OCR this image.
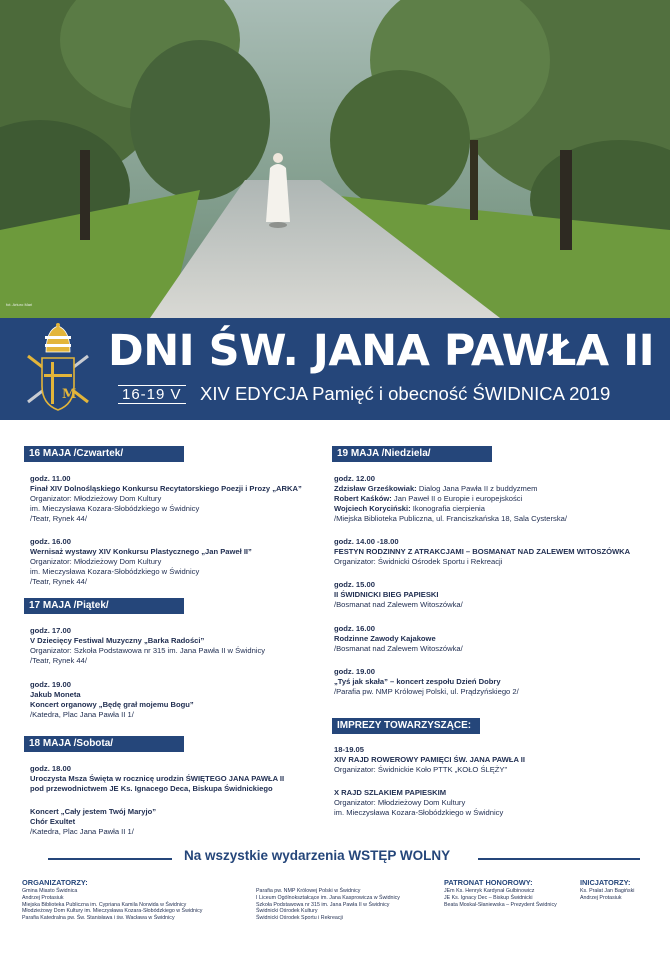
fot. Arturo Mari
M
DNI ŚW. JANA PAWŁA II
16-19 V XIV EDYCJA Pamięć i obecność ŚWIDNICA 2019
16 MAJA /Czwartek/
godz. 11.00
Finał XIV Dolnośląskiego Konkursu Recytatorskiego Poezji i Prozy „ARKA”
Organizator: Młodzieżowy Dom Kultury
im. Mieczysława Kozara-Słobódzkiego w Świdnicy
/Teatr, Rynek 44/
godz. 16.00
Wernisaż wystawy XIV Konkursu Plastycznego „Jan Paweł II”
Organizator: Młodzieżowy Dom Kultury
im. Mieczysława Kozara-Słobódzkiego w Świdnicy
/Teatr, Rynek 44/
17 MAJA /Piątek/
godz. 17.00
V Dziecięcy Festiwal Muzyczny „Barka Radości”
Organizator: Szkoła Podstawowa nr 315 im. Jana Pawła II w Świdnicy
/Teatr, Rynek 44/
godz. 19.00
Jakub Moneta
Koncert organowy „Będę grał mojemu Bogu”
/Katedra, Plac Jana Pawła II 1/
18 MAJA /Sobota/
godz. 18.00
Uroczysta Msza Święta w rocznicę urodzin ŚWIĘTEGO JANA PAWŁA II
pod przewodnictwem JE Ks. Ignacego Deca, Biskupa Świdnickiego
Koncert „Cały jestem Twój Maryjo”
Chór Exultet
/Katedra, Plac Jana Pawła II 1/
19 MAJA /Niedziela/
godz. 12.00
Zdzisław Grześkowiak: Dialog Jana Pawła II z buddyzmem
Robert Kaśków: Jan Paweł II o Europie i europejskości
Wojciech Koryciński: Ikonografia cierpienia
/Miejska Biblioteka Publiczna, ul. Franciszkańska 18, Sala Cysterska/
godz. 14.00 -18.00
FESTYN RODZINNY Z ATRAKCJAMI – BOSMANAT NAD ZALEWEM WITOSZÓWKA
Organizator: Świdnicki Ośrodek Sportu i Rekreacji
godz. 15.00
II ŚWIDNICKI BIEG PAPIESKI
/Bosmanat nad Zalewem Witoszówka/
godz. 16.00
Rodzinne Zawody Kajakowe
/Bosmanat nad Zalewem Witoszówka/
godz. 19.00
„Tyś jak skała” – koncert zespołu Dzień Dobry
/Parafia pw. NMP Królowej Polski, ul. Prądzyńskiego 2/
IMPREZY TOWARZYSZĄCE:
18-19.05
XIV RAJD ROWEROWY PAMIĘCI ŚW. JANA PAWŁA II
Organizator: Świdnickie Koło PTTK „KOŁO ŚLĘŻY”
X RAJD SZLAKIEM PAPIESKIM
Organizator: Młodzieżowy Dom Kultury
im. Mieczysława Kozara-Słobódzkiego w Świdnicy
Na wszystkie wydarzenia WSTĘP WOLNY
ORGANIZATORZY:
Gmina Miasto Świdnica
Andrzej Protasiuk
Miejska Biblioteka Publiczna im. Cypriana Kamila Norwida w Świdnicy
Młodzieżowy Dom Kultury im. Mieczysława Kozara-Słobódzkiego w Świdnicy
Parafia Katedralna pw. Św. Stanisława i św. Wacława w Świdnicy
Parafia pw. NMP Królowej Polski w Świdnicy
I Liceum Ogólnokształcące im. Jana Kasprowicza w Świdnicy
Szkoła Podstawowa nr 315 im. Jana Pawła II w Świdnicy
Świdnicki Ośrodek Kultury
Świdnicki Ośrodek Sportu i Rekreacji
PATRONAT HONOROWY:
JEm Ks. Henryk Kardynał Gulbinowicz
JE Ks. Ignacy Dec – Biskup Świdnicki
Beata Moskal-Słaniewska – Prezydent Świdnicy
INICJATORZY:
Ks. Prałat Jan Bagiński
Andrzej Protasiuk
